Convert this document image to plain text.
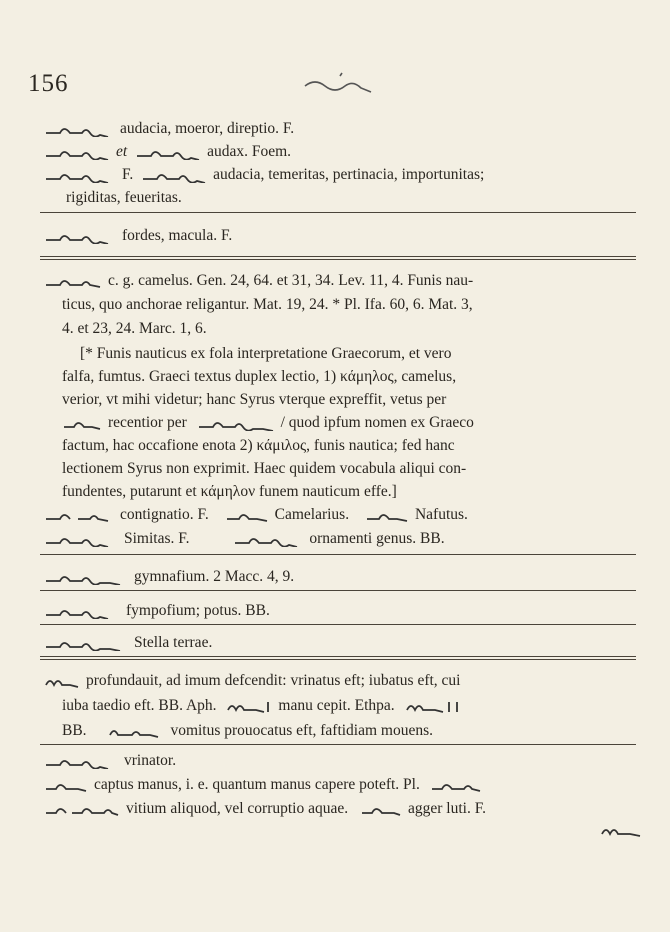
156
audacia, moeror, direptio. F.
et	audax. Foem.
F.	audacia, temeritas, pertinacia, importunitas;
rigiditas, feueritas.
fordes, macula. F.
c. g. camelus. Gen. 24, 64. et 31, 34. Lev. 11, 4. Funis nau-
ticus, quo anchorae religantur. Mat. 19, 24. * Pl. Ifa. 60, 6. Mat. 3,
4. et 23, 24. Marc. 1, 6.
[* Funis nauticus ex fola interpretatione Graecorum, et vero
falfa, fumtus. Graeci textus duplex lectio, 1) κάμηλος, camelus,
verior, vt mihi videtur; hanc Syrus vterque expreffit, vetus per
recentior per	/ quod ipfum nomen ex Graeco
factum, hac occafione enota 2) κάμιλος, funis nautica; fed hanc
lectionem Syrus non exprimit. Haec quidem vocabula aliqui con-
fundentes, putarunt et κάμηλον funem nauticum effe.]
contignatio. F.	Camelarius.	Nafutus.
Simitas. F.	ornamenti genus. BB.
gymnafium. 2 Macc. 4, 9.
fympofium; potus. BB.
Stella terrae.
profundauit, ad imum defcendit: vrinatus eft; iubatus eft, cui
iuba taedio eft. BB. Aph.	manu cepit. Ethpa.
BB.	vomitus prouocatus eft, faftidiam mouens.
vrinator.
captus manus, i. e. quantum manus capere poteft. Pl.
vitium aliquod, vel corruptio aquae.	agger luti. F.
